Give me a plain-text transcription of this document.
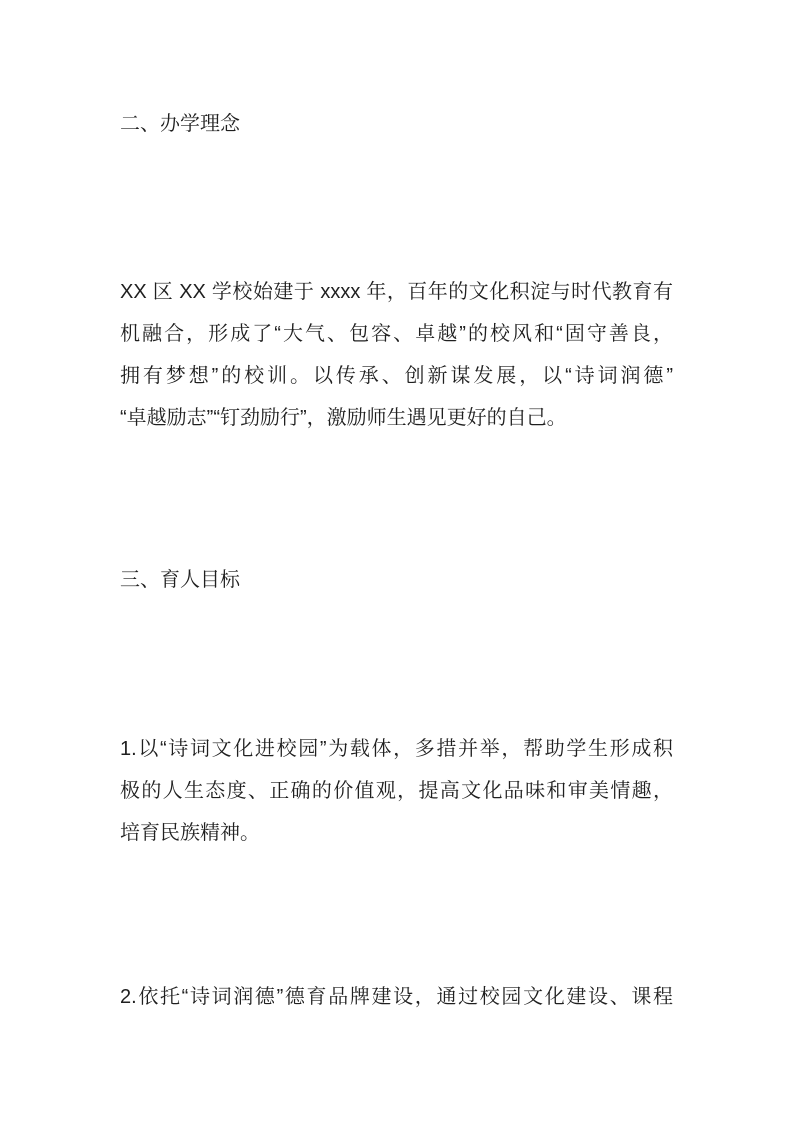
二、办学理念
XX 区 XX 学校始建于 xxxx 年，百年的文化积淀与时代教育有
机融合，形成了“大气、包容、卓越”的校风和“固守善良，
拥有梦想”的校训。以传承、创新谋发展，以“诗词润德”
“卓越励志”“钉劲励行”，激励师生遇见更好的自己。
三、育人目标
1.以“诗词文化进校园”为载体，多措并举，帮助学生形成积
极的人生态度、正确的价值观，提高文化品味和审美情趣，
培育民族精神。
2.依托“诗词润德”德育品牌建设，通过校园文化建设、课程
